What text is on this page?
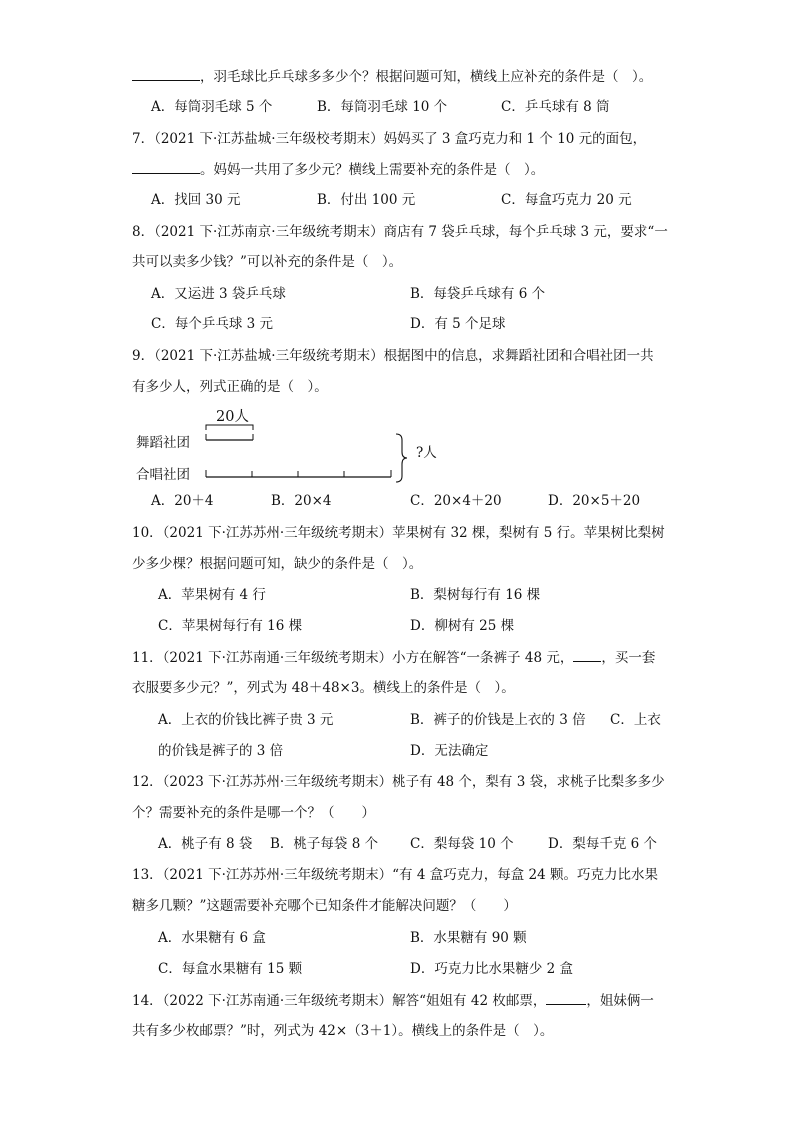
，羽毛球比乒乓球多多少个？根据问题可知，横线上应补充的条件是（　）。
A．每筒羽毛球 5 个	B．每筒羽毛球 10 个	C．乒乓球有 8 筒
7．（2021 下·江苏盐城·三年级校考期末）妈妈买了 3 盒巧克力和 1 个 10 元的面包，
。妈妈一共用了多少元？横线上需要补充的条件是（　）。
A．找回 30 元	B．付出 100 元	C．每盒巧克力 20 元
8．（2021 下·江苏南京·三年级统考期末）商店有 7 袋乒乓球，每个乒乓球 3 元，要求“一
共可以卖多少钱？”可以补充的条件是（　）。
A．又运进 3 袋乒乓球	B．每袋乒乓球有 6 个
C．每个乒乓球 3 元	D．有 5 个足球
9．（2021 下·江苏盐城·三年级统考期末）根据图中的信息，求舞蹈社团和合唱社团一共
有多少人，列式正确的是（　）。
20人
舞蹈社团
合唱社团
?人
A．20＋4	B．20×4	C．20×4＋20	D．20×5＋20
10．（2021 下·江苏苏州·三年级统考期末）苹果树有 32 棵，梨树有 5 行。苹果树比梨树
少多少棵？根据问题可知，缺少的条件是（　）。
A．苹果树有 4 行	B．梨树每行有 16 棵
C．苹果树每行有 16 棵	D．柳树有 25 棵
11．（2021 下·江苏南通·三年级统考期末）小方在解答“一条裤子 48 元， ，买一套
衣服要多少元？”，列式为 48＋48×3。横线上的条件是（　）。
A．上衣的价钱比裤子贵 3 元	B．裤子的价钱是上衣的 3 倍 C．上衣
的价钱是裤子的 3 倍	D．无法确定
12．（2023 下·江苏苏州·三年级统考期末）桃子有 48 个，梨有 3 袋，求桃子比梨多多少
个？需要补充的条件是哪一个？（　　）
A．桃子有 8 袋 B．桃子每袋 8 个 C．梨每袋 10 个	D．梨每千克 6 个
13．（2021 下·江苏苏州·三年级统考期末）“有 4 盒巧克力，每盒 24 颗。巧克力比水果
糖多几颗？”这题需要补充哪个已知条件才能解决问题？（　　）
A．水果糖有 6 盒	B．水果糖有 90 颗
C．每盒水果糖有 15 颗	D．巧克力比水果糖少 2 盒
14．（2022 下·江苏南通·三年级统考期末）解答“姐姐有 42 枚邮票，	，姐妹俩一
共有多少枚邮票？”时，列式为 42×（3＋1）。横线上的条件是（　）。
